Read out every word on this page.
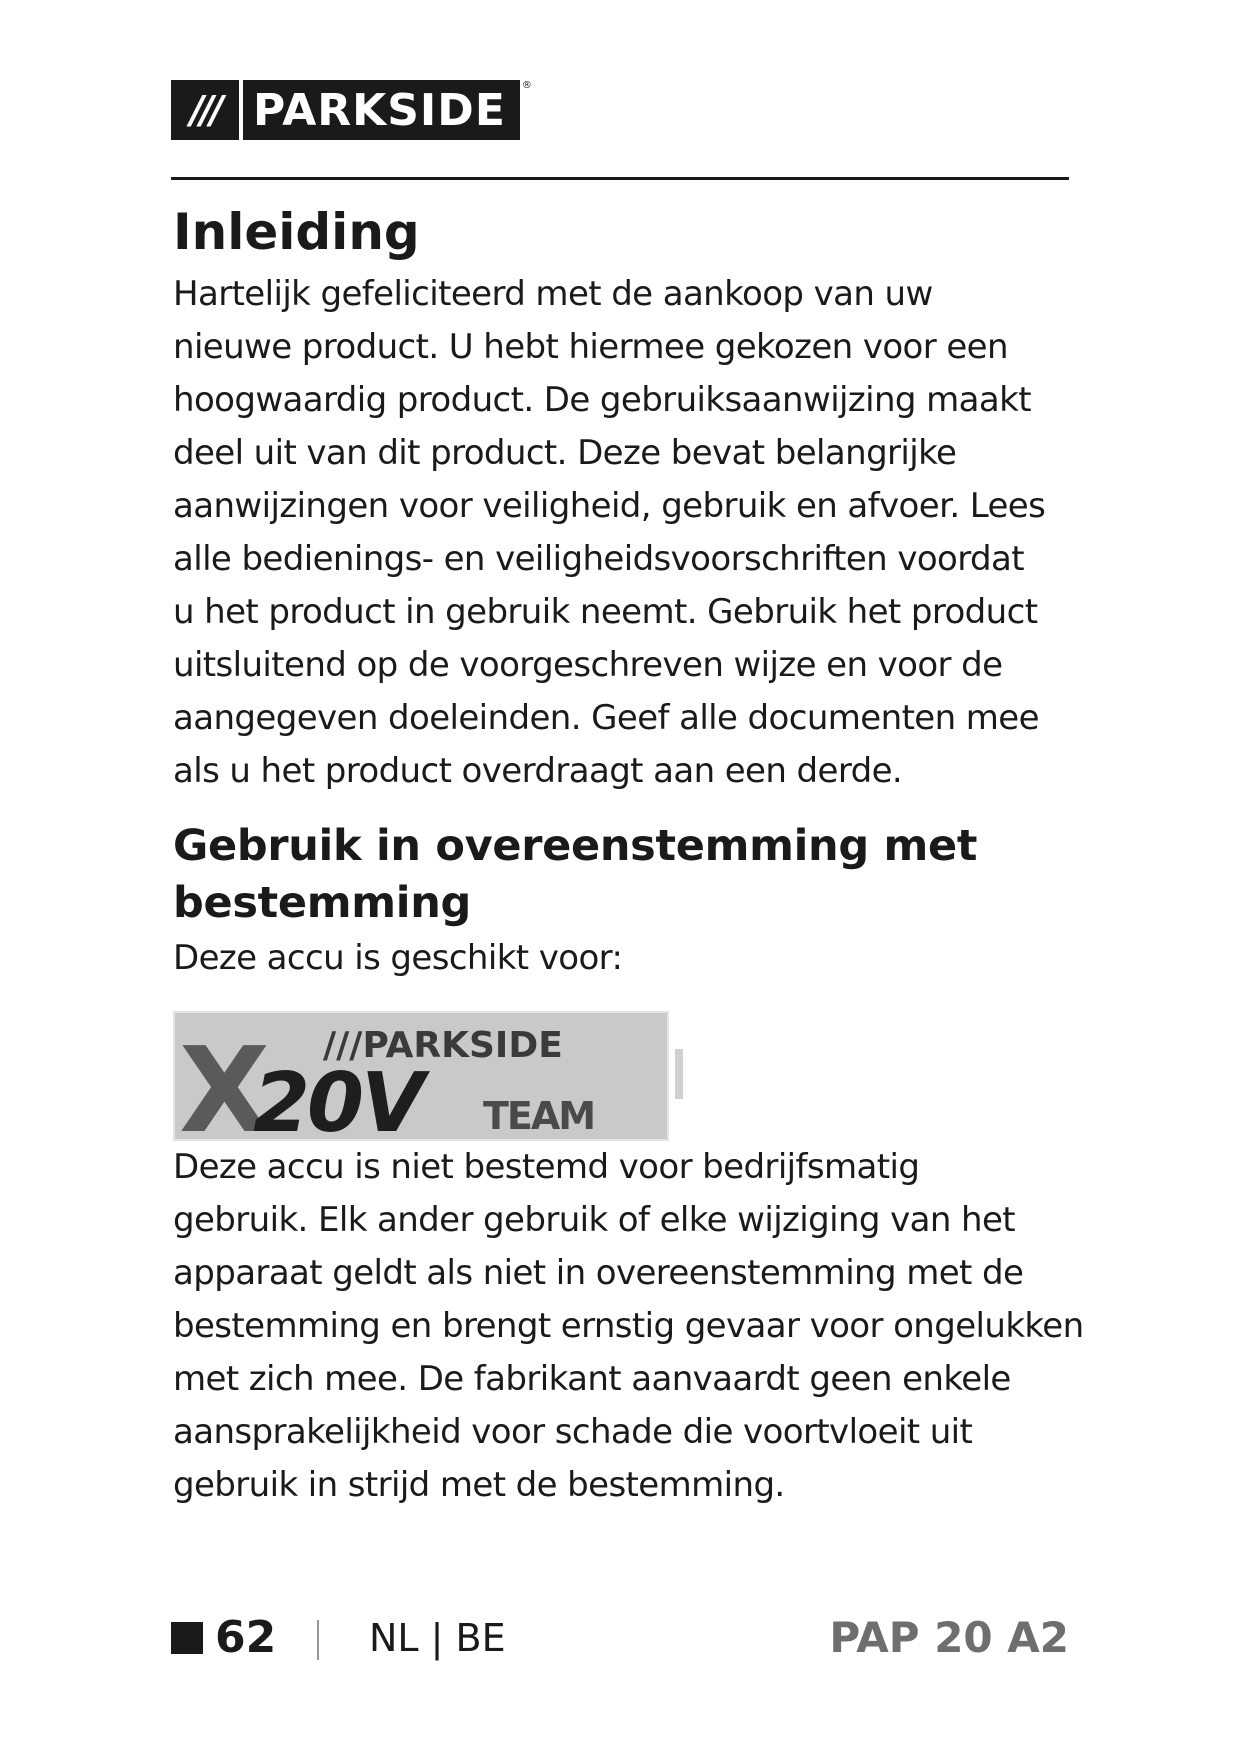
/// PARKSIDE	®
Inleiding

Hartelijk gefeliciteerd met de aankoop van uw
nieuwe product. U hebt hiermee gekozen voor een
hoogwaardig product. De gebruiksaanwijzing maakt
deel uit van dit product. Deze bevat belangrijke
aanwijzingen voor veiligheid, gebruik en afvoer. Lees
alle bedienings- en veiligheidsvoorschriften voordat
u het product in gebruik neemt. Gebruik het product
uitsluitend op de voorgeschreven wijze en voor de
aangegeven doeleinden. Geef alle documenten mee
als u het product overdraagt aan een derde.

Gebruik in overeenstemming met
bestemming

Deze accu is geschikt voor:

X
20V
///PARKSIDE
TEAM

Deze accu is niet bestemd voor bedrijfsmatig
gebruik. Elk ander gebruik of elke wijziging van het
apparaat geldt als niet in overeenstemming met de
bestemming en brengt ernstig gevaar voor ongelukken
met zich mee. De fabrikant aanvaardt geen enkele
aansprakelijkheid voor schade die voortvloeit uit
gebruik in strijd met de bestemming.

62 NL | BE	PAP 20 A2
